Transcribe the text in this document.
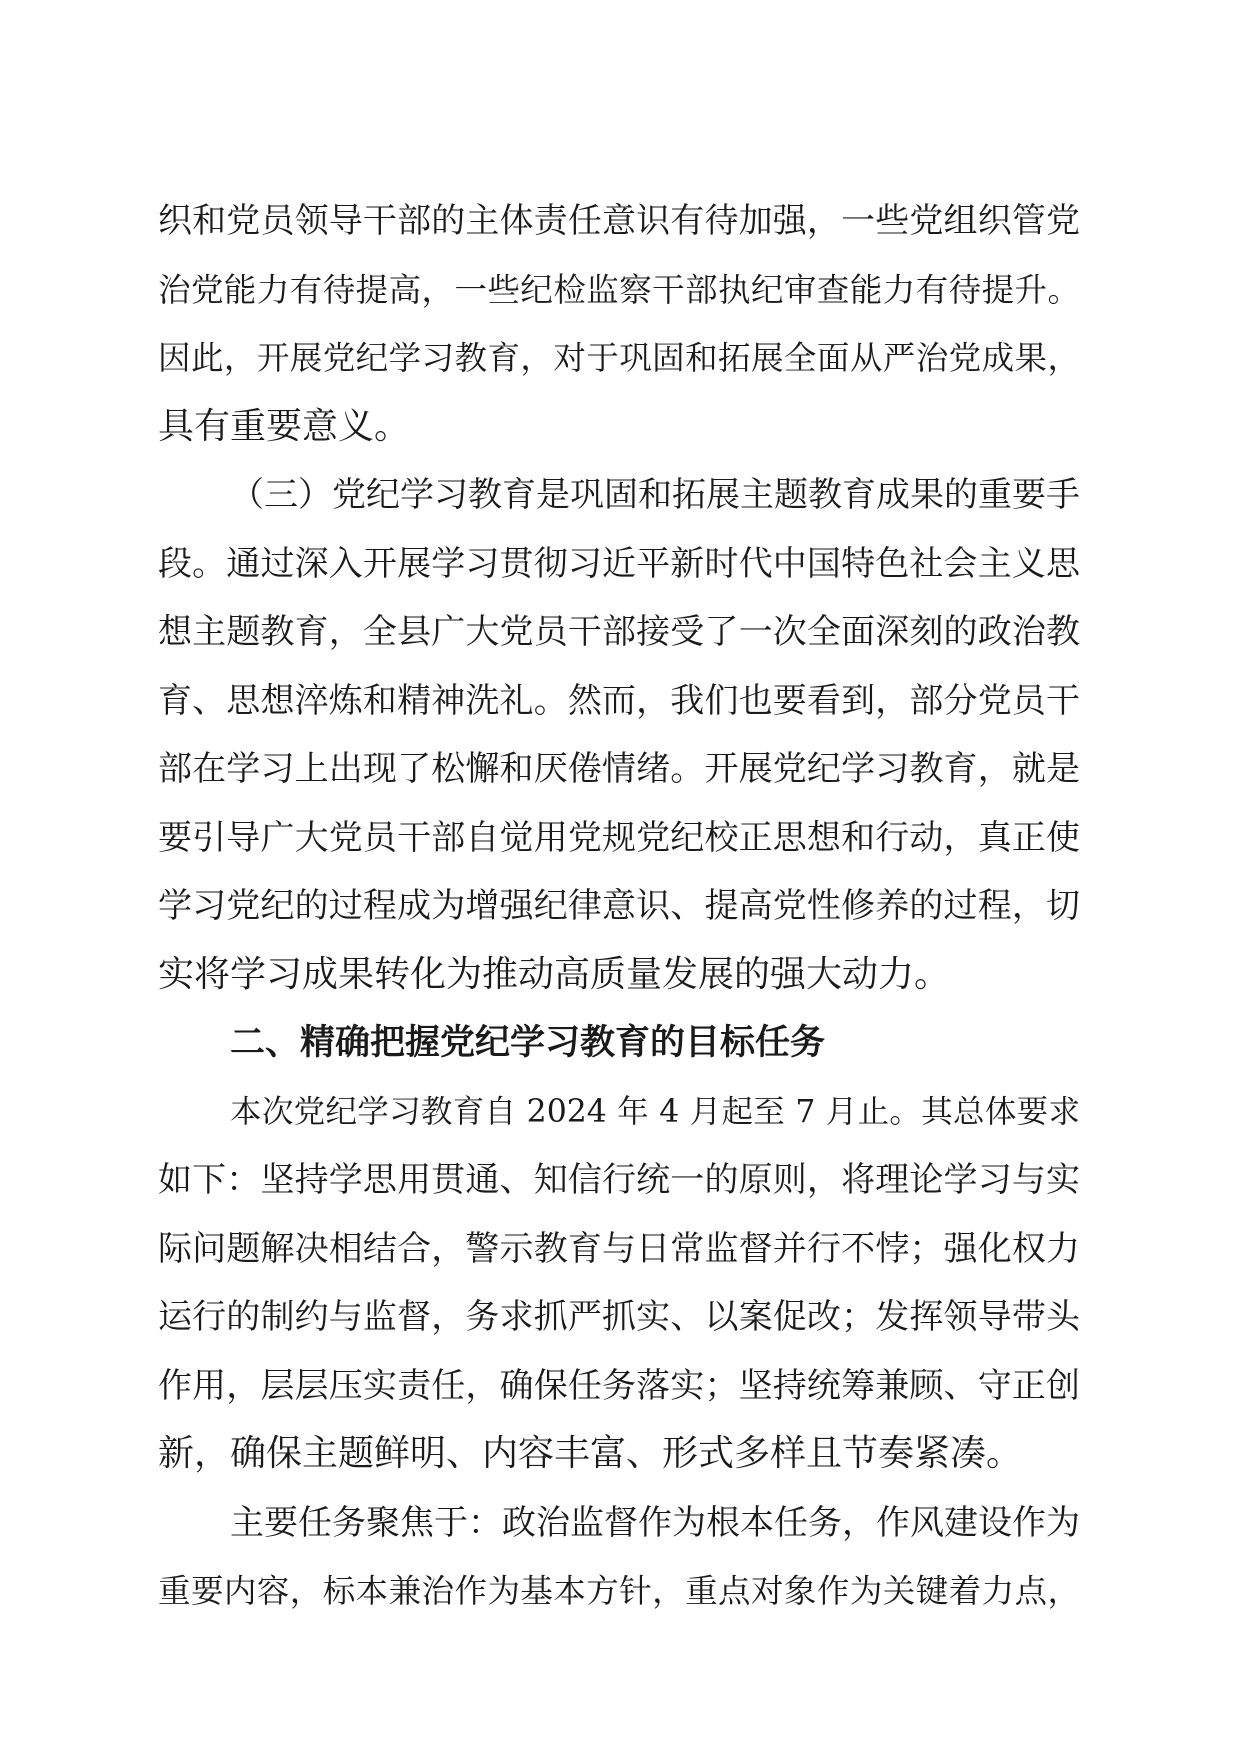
织和党员领导干部的主体责任意识有待加强，一些党组织管党
治党能力有待提高，一些纪检监察干部执纪审查能力有待提升。
因此，开展党纪学习教育，对于巩固和拓展全面从严治党成果，
具有重要意义。
（三）党纪学习教育是巩固和拓展主题教育成果的重要手
段。通过深入开展学习贯彻习近平新时代中国特色社会主义思
想主题教育，全县广大党员干部接受了一次全面深刻的政治教
育、思想淬炼和精神洗礼。然而，我们也要看到，部分党员干
部在学习上出现了松懈和厌倦情绪。开展党纪学习教育，就是
要引导广大党员干部自觉用党规党纪校正思想和行动，真正使
学习党纪的过程成为增强纪律意识、提高党性修养的过程，切
实将学习成果转化为推动高质量发展的强大动力。
二、精确把握党纪学习教育的目标任务
本次党纪学习教育自 2024 年 4 月起至 7 月止。其总体要求
如下：坚持学思用贯通、知信行统一的原则，将理论学习与实
际问题解决相结合，警示教育与日常监督并行不悖；强化权力
运行的制约与监督，务求抓严抓实、以案促改；发挥领导带头
作用，层层压实责任，确保任务落实；坚持统筹兼顾、守正创
新，确保主题鲜明、内容丰富、形式多样且节奏紧凑。
主要任务聚焦于：政治监督作为根本任务，作风建设作为
重要内容，标本兼治作为基本方针，重点对象作为关键着力点，
